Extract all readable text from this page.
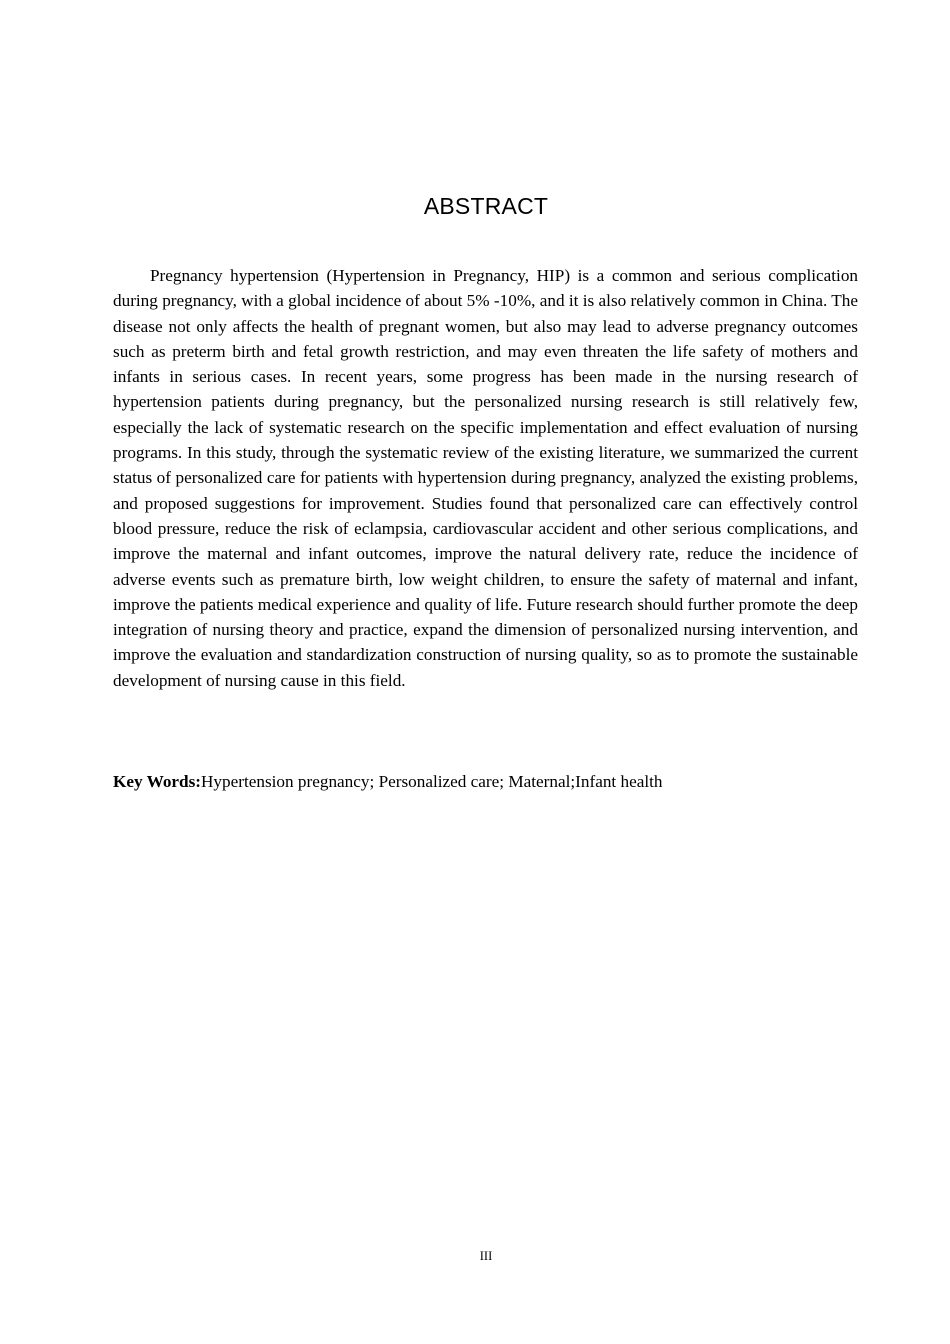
ABSTRACT

Pregnancy hypertension (Hypertension in Pregnancy, HIP) is a common and serious complication during pregnancy, with a global incidence of about 5% -10%, and it is also relatively common in China. The disease not only affects the health of pregnant women, but also may lead to adverse pregnancy outcomes such as preterm birth and fetal growth restriction, and may even threaten the life safety of mothers and infants in serious cases. In recent years, some progress has been made in the nursing research of hypertension patients during pregnancy, but the personalized nursing research is still relatively few, especially the lack of systematic research on the specific implementation and effect evaluation of nursing programs. In this study, through the systematic review of the existing literature, we summarized the current status of personalized care for patients with hypertension during pregnancy, analyzed the existing problems, and proposed suggestions for improvement. Studies found that personalized care can effectively control blood pressure, reduce the risk of eclampsia, cardiovascular accident and other serious complications, and improve the maternal and infant outcomes, improve the natural delivery rate, reduce the incidence of adverse events such as premature birth, low weight children, to ensure the safety of maternal and infant, improve the patients medical experience and quality of life. Future research should further promote the deep integration of nursing theory and practice, expand the dimension of personalized nursing intervention, and improve the evaluation and standardization construction of nursing quality, so as to promote the sustainable development of nursing cause in this field.

Key Words:Hypertension pregnancy; Personalized care; Maternal;Infant health

III
